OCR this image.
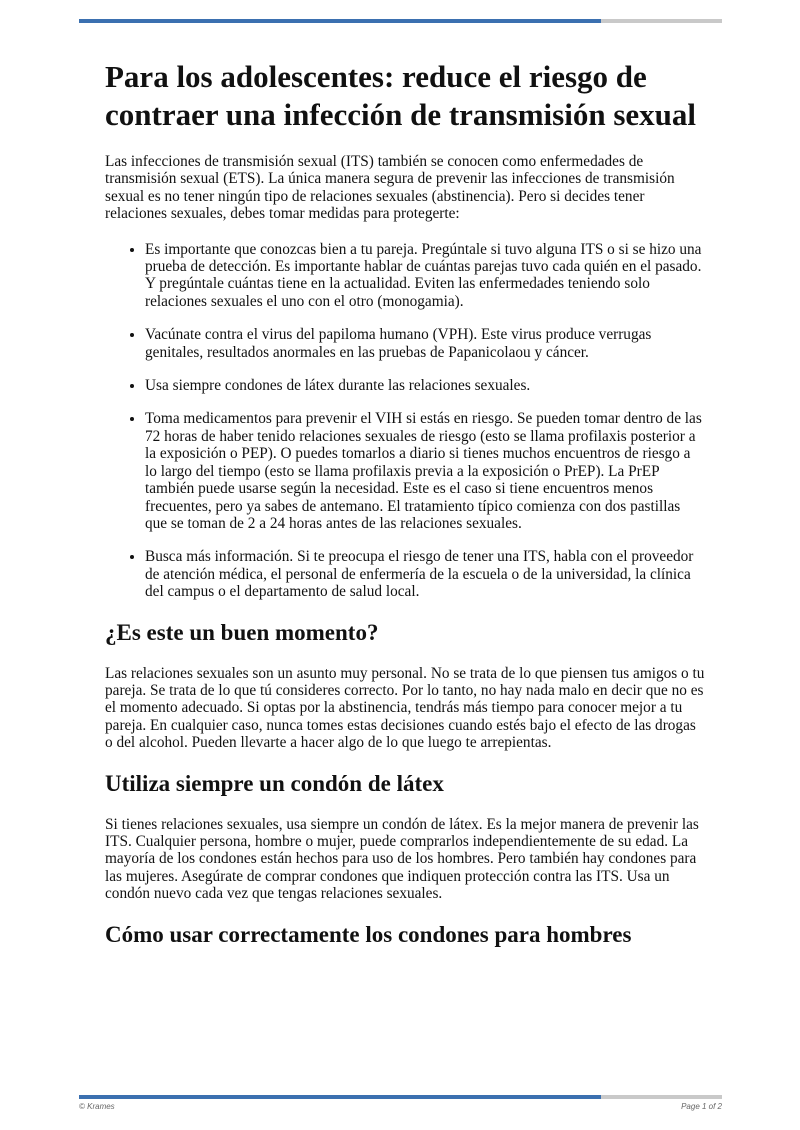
Para los adolescentes: reduce el riesgo de contraer una infección de transmisión sexual

Las infecciones de transmisión sexual (ITS) también se conocen como enfermedades de transmisión sexual (ETS). La única manera segura de prevenir las infecciones de transmisión sexual es no tener ningún tipo de relaciones sexuales (abstinencia). Pero si decides tener relaciones sexuales, debes tomar medidas para protegerte:

• Es importante que conozcas bien a tu pareja. Pregúntale si tuvo alguna ITS o si se hizo una prueba de detección. Es importante hablar de cuántas parejas tuvo cada quién en el pasado. Y pregúntale cuántas tiene en la actualidad. Eviten las enfermedades teniendo solo relaciones sexuales el uno con el otro (monogamia).
• Vacúnate contra el virus del papiloma humano (VPH). Este virus produce verrugas genitales, resultados anormales en las pruebas de Papanicolaou y cáncer.
• Usa siempre condones de látex durante las relaciones sexuales.
• Toma medicamentos para prevenir el VIH si estás en riesgo. Se pueden tomar dentro de las 72 horas de haber tenido relaciones sexuales de riesgo (esto se llama profilaxis posterior a la exposición o PEP). O puedes tomarlos a diario si tienes muchos encuentros de riesgo a lo largo del tiempo (esto se llama profilaxis previa a la exposición o PrEP). La PrEP también puede usarse según la necesidad. Este es el caso si tiene encuentros menos frecuentes, pero ya sabes de antemano. El tratamiento típico comienza con dos pastillas que se toman de 2 a 24 horas antes de las relaciones sexuales.
• Busca más información. Si te preocupa el riesgo de tener una ITS, habla con el proveedor de atención médica, el personal de enfermería de la escuela o de la universidad, la clínica del campus o el departamento de salud local.
¿Es este un buen momento?

Las relaciones sexuales son un asunto muy personal. No se trata de lo que piensen tus amigos o tu pareja. Se trata de lo que tú consideres correcto. Por lo tanto, no hay nada malo en decir que no es el momento adecuado. Si optas por la abstinencia, tendrás más tiempo para conocer mejor a tu pareja. En cualquier caso, nunca tomes estas decisiones cuando estés bajo el efecto de las drogas o del alcohol. Pueden llevarte a hacer algo de lo que luego te arrepientas.

Utiliza siempre un condón de látex

Si tienes relaciones sexuales, usa siempre un condón de látex. Es la mejor manera de prevenir las ITS. Cualquier persona, hombre o mujer, puede comprarlos independientemente de su edad. La mayoría de los condones están hechos para uso de los hombres. Pero también hay condones para las mujeres. Asegúrate de comprar condones que indiquen protección contra las ITS. Usa un condón nuevo cada vez que tengas relaciones sexuales.

Cómo usar correctamente los condones para hombres
© Krames	Page 1 of 2
